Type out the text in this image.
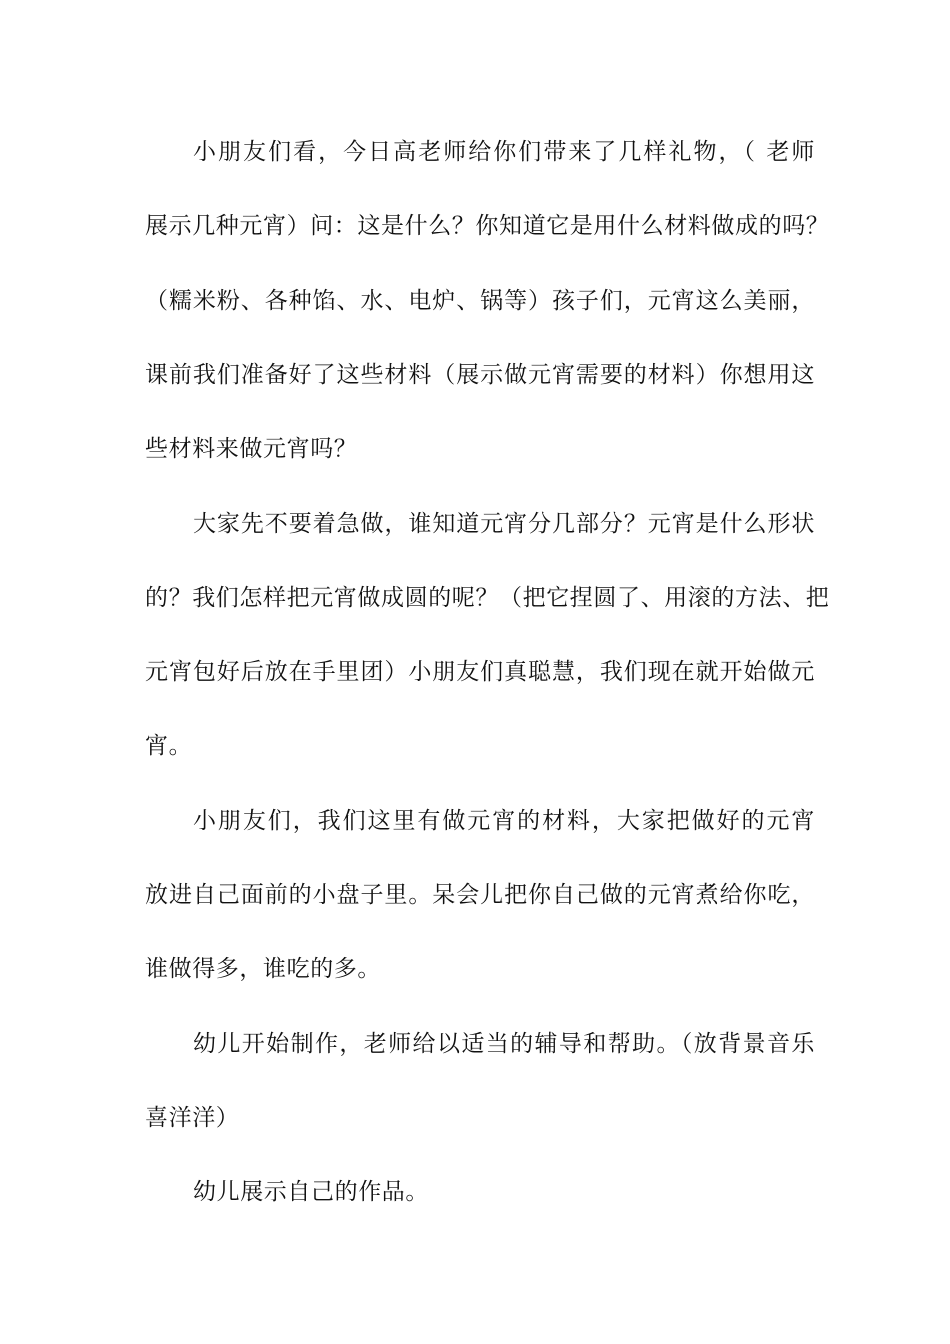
小朋友们看，今日高老师给你们带来了几样礼物，（ 老师

展示几种元宵）问：这是什么？你知道它是用什么材料做成的吗？

（糯米粉、各种馅、水、电炉、锅等）孩子们，元宵这么美丽，

课前我们准备好了这些材料（展示做元宵需要的材料）你想用这

些材料来做元宵吗？

大家先不要着急做，谁知道元宵分几部分？元宵是什么形状

的？我们怎样把元宵做成圆的呢？（把它捏圆了、用滚的方法、把

元宵包好后放在手里团）小朋友们真聪慧，我们现在就开始做元

宵。

小朋友们，我们这里有做元宵的材料，大家把做好的元宵

放进自己面前的小盘子里。呆会儿把你自己做的元宵煮给你吃，

谁做得多，谁吃的多。

幼儿开始制作，老师给以适当的辅导和帮助。（放背景音乐

喜洋洋）

幼儿展示自己的作品。
